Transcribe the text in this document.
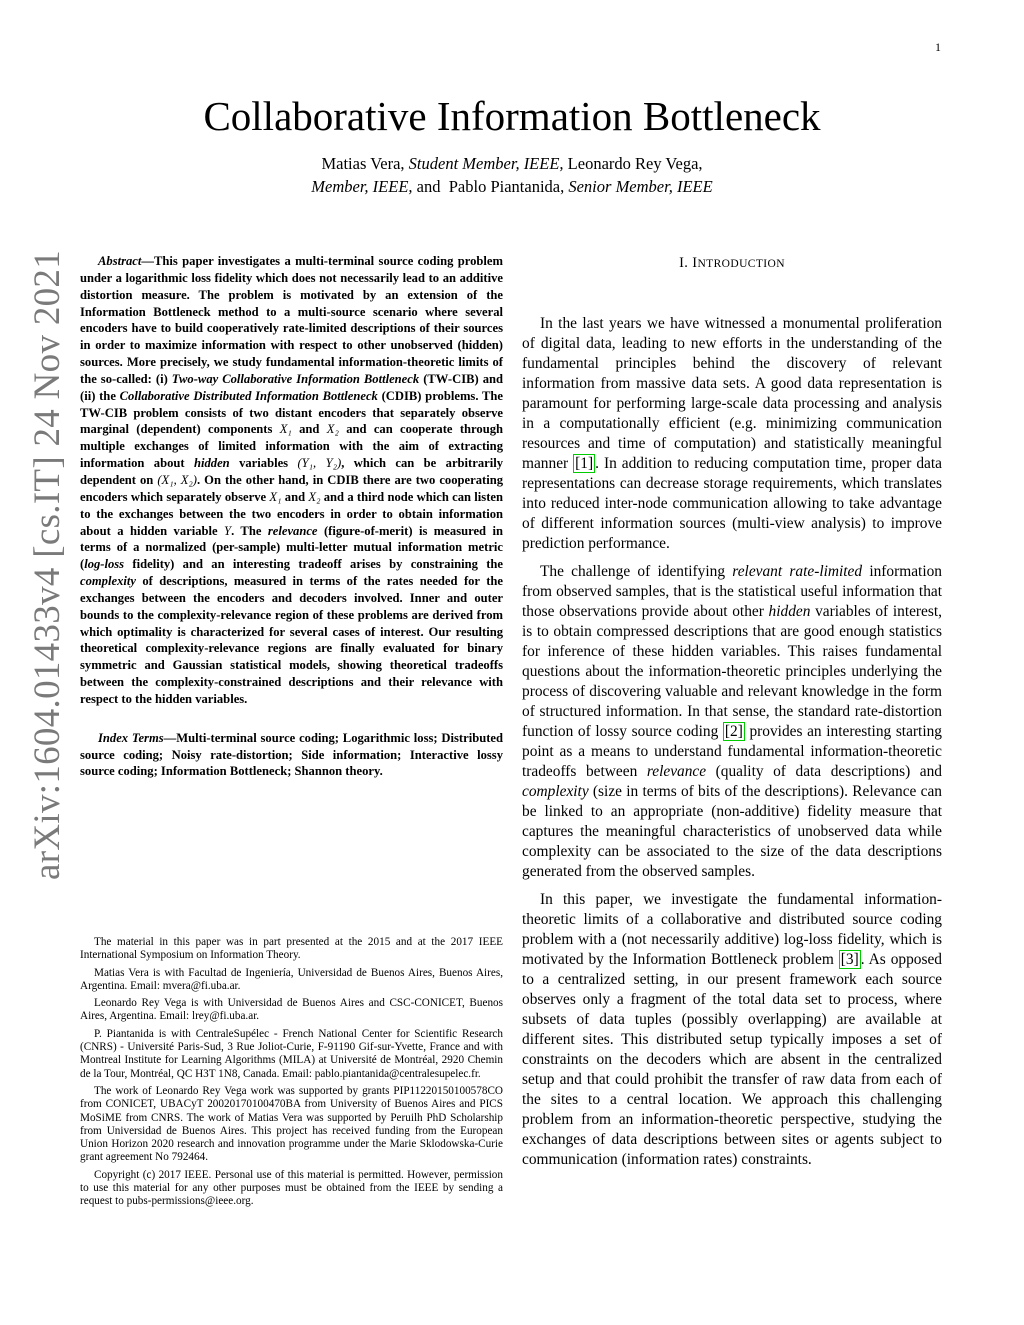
1
arXiv:1604.01433v4 [cs.IT] 24 Nov 2021
Collaborative Information Bottleneck
Matias Vera, Student Member, IEEE, Leonardo Rey Vega,
Member, IEEE, and Pablo Piantanida, Senior Member, IEEE

Abstract—This paper investigates a multi-terminal source coding problem under a logarithmic loss fidelity which does not necessarily lead to an additive distortion measure. The problem is motivated by an extension of the Information Bottleneck method to a multi-source scenario where several encoders have to build cooperatively rate-limited descriptions of their sources in order to maximize information with respect to other unobserved (hidden) sources. More precisely, we study fundamental information-theoretic limits of the so-called: (i) Two-way Collaborative Information Bottleneck (TW-CIB) and (ii) the Collaborative Distributed Information Bottleneck (CDIB) problems. The TW-CIB problem consists of two distant encoders that separately observe marginal (dependent) components X₁ and X₂ and can cooperate through multiple exchanges of limited information with the aim of extracting information about hidden variables (Y₁, Y₂), which can be arbitrarily dependent on (X₁, X₂). On the other hand, in CDIB there are two cooperating encoders which separately observe X₁ and X₂ and a third node which can listen to the exchanges between the two encoders in order to obtain information about a hidden variable Y. The relevance (figure-of-merit) is measured in terms of a normalized (per-sample) multi-letter mutual information metric (log-loss fidelity) and an interesting tradeoff arises by constraining the complexity of descriptions, measured in terms of the rates needed for the exchanges between the encoders and decoders involved. Inner and outer bounds to the complexity-relevance region of these problems are derived from which optimality is characterized for several cases of interest. Our resulting theoretical complexity-relevance regions are finally evaluated for binary symmetric and Gaussian statistical models, showing theoretical tradeoffs between the complexity-constrained descriptions and their relevance with respect to the hidden variables.

Index Terms—Multi-terminal source coding; Logarithmic loss; Distributed source coding; Noisy rate-distortion; Side information; Interactive lossy source coding; Information Bottleneck; Shannon theory.

The material in this paper was in part presented at the 2015 and at the 2017 IEEE International Symposium on Information Theory.

Matias Vera is with Facultad de Ingeniería, Universidad de Buenos Aires, Buenos Aires, Argentina. Email: mvera@fi.uba.ar.

Leonardo Rey Vega is with Universidad de Buenos Aires and CSC-CONICET, Buenos Aires, Argentina. Email: lrey@fi.uba.ar.

P. Piantanida is with CentraleSupélec - French National Center for Scientific Research (CNRS) - Université Paris-Sud, 3 Rue Joliot-Curie, F-91190 Gif-sur-Yvette, France and with Montreal Institute for Learning Algorithms (MILA) at Université de Montréal, 2920 Chemin de la Tour, Montréal, QC H3T 1N8, Canada. Email: pablo.piantanida@centralesupelec.fr.

The work of Leonardo Rey Vega work was supported by grants PIP11220150100578CO from CONICET, UBACyT 20020170100470BA from University of Buenos Aires and PICS MoSiME from CNRS. The work of Matias Vera was supported by Peruilh PhD Scholarship from Universidad de Buenos Aires. This project has received funding from the European Union Horizon 2020 research and innovation programme under the Marie Sklodowska-Curie grant agreement No 792464.

Copyright (c) 2017 IEEE. Personal use of this material is permitted. However, permission to use this material for any other purposes must be obtained from the IEEE by sending a request to pubs-permissions@ieee.org.

I. INTRODUCTION

In the last years we have witnessed a monumental proliferation of digital data, leading to new efforts in the understanding of the fundamental principles behind the discovery of relevant information from massive data sets. A good data representation is paramount for performing large-scale data processing and analysis in a computationally efficient (e.g. minimizing communication resources and time of computation) and statistically meaningful manner [1] . In addition to reducing computation time, proper data representations can decrease storage requirements, which translates into reduced inter-node communication allowing to take advantage of different information sources (multi-view analysis) to improve prediction performance.

The challenge of identifying relevant rate-limited information from observed samples, that is the statistical useful information that those observations provide about other hidden variables of interest, is to obtain compressed descriptions that are good enough statistics for inference of these hidden variables. This raises fundamental questions about the information-theoretic principles underlying the process of discovering valuable and relevant knowledge in the form of structured information. In that sense, the standard rate-distortion function of lossy source coding [2] provides an interesting starting point as a means to understand fundamental information-theoretic tradeoffs between relevance (quality of data descriptions) and complexity (size in terms of bits of the descriptions). Relevance can be linked to an appropriate (non-additive) fidelity measure that captures the meaningful characteristics of unobserved data while complexity can be associated to the size of the data descriptions generated from the observed samples.

In this paper, we investigate the fundamental information-theoretic limits of a collaborative and distributed source coding problem with a (not necessarily additive) log-loss fidelity, which is motivated by the Information Bottleneck problem [3] . As opposed to a centralized setting, in our present framework each source observes only a fragment of the total data set to process, where subsets of data tuples (possibly overlapping) are available at different sites. This distributed setup typically imposes a set of constraints on the decoders which are absent in the centralized setup and that could prohibit the transfer of raw data from each of the sites to a central location. We approach this challenging problem from an information-theoretic perspective, studying the exchanges of data descriptions between sites or agents subject to communication (information rates) constraints.
